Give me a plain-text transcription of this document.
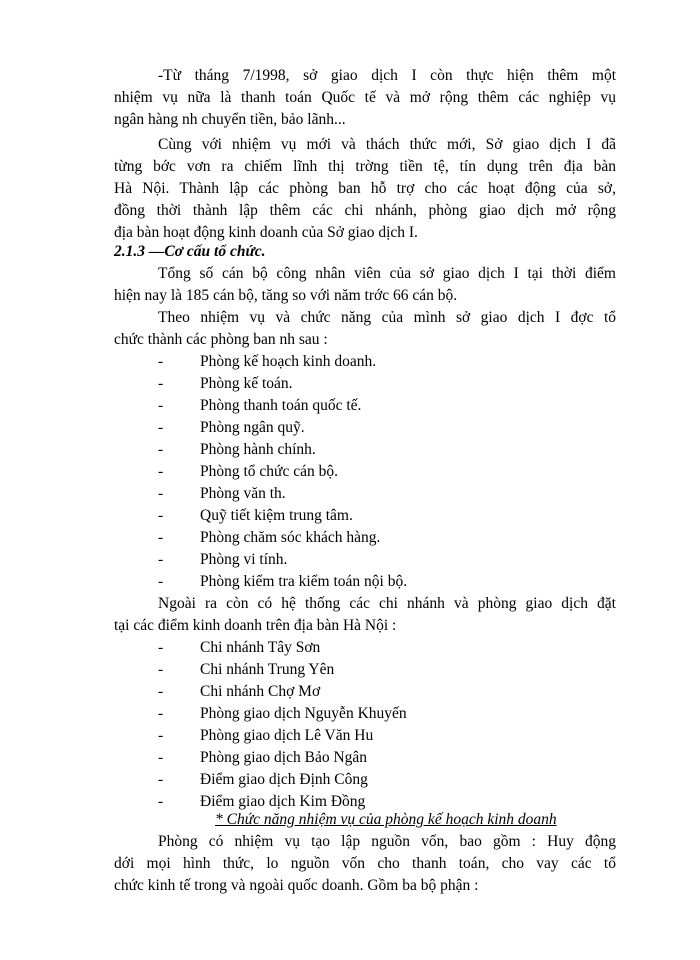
-Từ tháng 7/1998, sở giao dịch I còn thực hiện thêm một
nhiệm vụ nữa là thanh toán Quốc tế và mở rộng thêm các nghiệp vụ
ngân hàng nh chuyển tiền, bảo lãnh...
Cùng với nhiệm vụ mới và thách thức mới, Sở giao dịch I đã
từng bớc vơn ra chiếm lĩnh thị trờng tiền tệ, tín dụng trên địa bàn
Hà Nội. Thành lập các phòng ban hỗ trợ cho các hoạt động của sở,
đồng thời thành lập thêm các chi nhánh, phòng giao dịch mở rộng
địa bàn hoạt động kinh doanh của Sở giao dịch I.
2.1.3 —Cơ cấu tổ chức.
Tổng số cán bộ công nhân viên của sở giao dịch I tại thời điểm
hiện nay là 185 cán bộ, tăng so với năm trớc 66 cán bộ.
Theo nhiệm vụ và chức năng của mình sở giao dịch I đợc tổ
chức thành các phòng ban nh sau :
- Phòng kế hoạch kinh doanh.
- Phòng kế toán.
- Phòng thanh toán quốc tế.
- Phòng ngân quỹ.
- Phòng hành chính.
- Phòng tổ chức cán bộ.
- Phòng văn th.
- Quỹ tiết kiệm trung tâm.
- Phòng chăm sóc khách hàng.
- Phòng vi tính.
- Phòng kiểm tra kiểm toán nội bộ.
Ngoài ra còn có hệ thống các chi nhánh và phòng giao dịch đặt
tại các điểm kinh doanh trên địa bàn Hà Nội :
- Chi nhánh Tây Sơn
- Chi nhánh Trung Yên
- Chi nhánh Chợ Mơ
- Phòng giao dịch Nguyễn Khuyến
- Phòng giao dịch Lê Văn Hu
- Phòng giao dịch Bảo Ngân
- Điểm giao dịch Định Công
- Điểm giao dịch Kim Đồng
* Chức năng nhiệm vụ của phòng kế hoạch kinh doanh
Phòng có nhiệm vụ tạo lập nguồn vốn, bao gồm : Huy động
dới mọi hình thức, lo nguồn vốn cho thanh toán, cho vay các tổ
chức kinh tế trong và ngoài quốc doanh. Gồm ba bộ phận :
